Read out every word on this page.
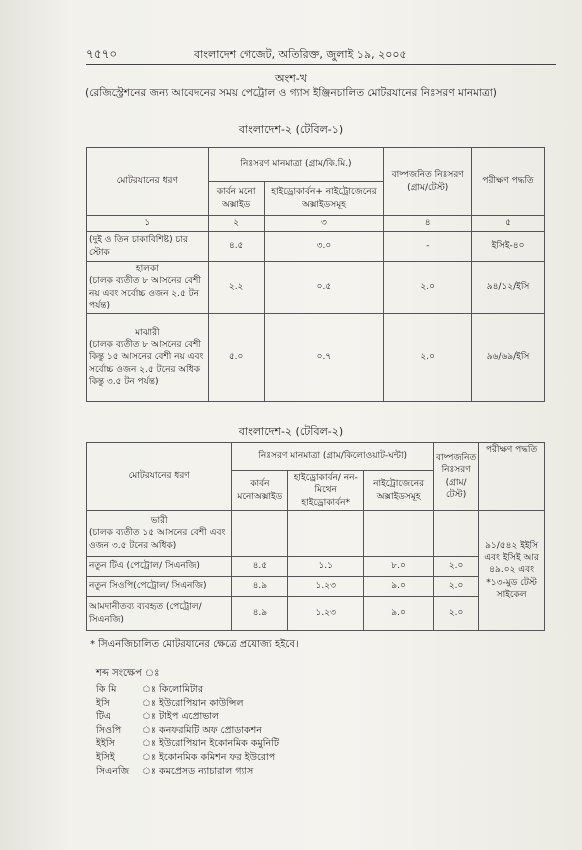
৭৫৭০	বাংলাদেশ গেজেট, অতিরিক্ত, জুলাই ১৯, ২০০৫
অংশ-খ
(রেজিস্ট্রেশনের জন্য আবেদনের সময় পেট্রোল ও গ্যাস ইঞ্জিনচালিত মোটরযানের নিঃসরণ মানমাত্রা)
বাংলাদেশ-২ (টেবিল-১)
মোটরযানের ধরণ	নিঃসরণ মানমাত্রা (গ্রাম/কি.মি.)		বাষ্পজনিত নিঃসরণ (গ্রাম/টেস্ট)	পরীক্ষণ পদ্ধতি
	কার্বন মনো অক্সাইড	হাইড্রোকার্বন+ নাইট্রোজেনের অক্সাইডসমূহ		
১	২	৩	৪	৫
(দুই ও তিন চাকাবিশিষ্ট) চার স্টোক	৪.৫	৩.০	-	ইসিই-৪০

হালকা
(চালক ব্যতীত ৮ আসনের বেশী নয় এবং সর্বোচ্চ ওজন ২.৫ টন পর্যন্ত)	২.২	০.৫	২.০	৯৪/১২/ইসি

মাঝারী
(চালক ব্যতীত ৮ আসনের বেশী কিন্তু ১৫ আসনের বেশী নয় এবং সর্বোচ্চ ওজন ২.৫ টনের অধিক কিন্তু ৩.৫ টন পর্যন্ত)	৫.০	০.৭	২.০	৯৬/৬৯/ইসি
বাংলাদেশ-২ (টেবিল-২)
মোটরযানের ধরণ	নিঃসরণ মানমাত্রা (গ্রাম/কিলোওয়াট-ঘন্টা)			বাষ্পজনিত নিঃসরণ (গ্রাম/টেস্ট)	পরীক্ষণ পদ্ধতি
	কার্বন মনোঅক্সাইড	হাইড্রোকার্বন/ নন-মিথেন হাইড্রোকার্বন*	নাইট্রোজেনের অক্সাইডসমূহ		

ভারী
(চালক ব্যতীত ১৫ আসনের বেশী এবং ওজন ৩.৫ টনের অধিক)					৯১/৫৪২ ইইসি এবং ইসিই আর ৪৯.০২ এবং *১৩-মুড টেস্ট সাইকেল
নতুন টিএ (পেট্রোল/ সিএনজি)	৪.৫	১.১	৮.০	২.০	
নতুন সিওপি(পেট্রোল/ সিএনজি)	৪.৯	১.২৩	৯.০	২.০	
আমদানীতব্য ব্যবহৃত (পেট্রোল/ সিএনজি)	৪.৯	১.২৩	৯.০	২.০	
* সিএনজিচালিত মোটরযানের ক্ষেত্রে প্রযোজ্য হইবে।
শব্দ সংক্ষেপ ঃ
কি মি	ঃ কিলোমিটার
ইসি	ঃ ইউরোপিয়ান কাউন্সিল
টিএ	ঃ টাইপ এপ্রোভাল
সিওপি ঃ কনফরমিটি অফ প্রোডাকশন
ইইসি	ঃ ইউরোপিয়ান ইকোনমিক কমুনিটি
ইসিই	ঃ ইকোনমিক কমিশন ফর ইউরোপ
সিএনজি ঃ কমপ্রেসড ন্যাচারাল গ্যাস
